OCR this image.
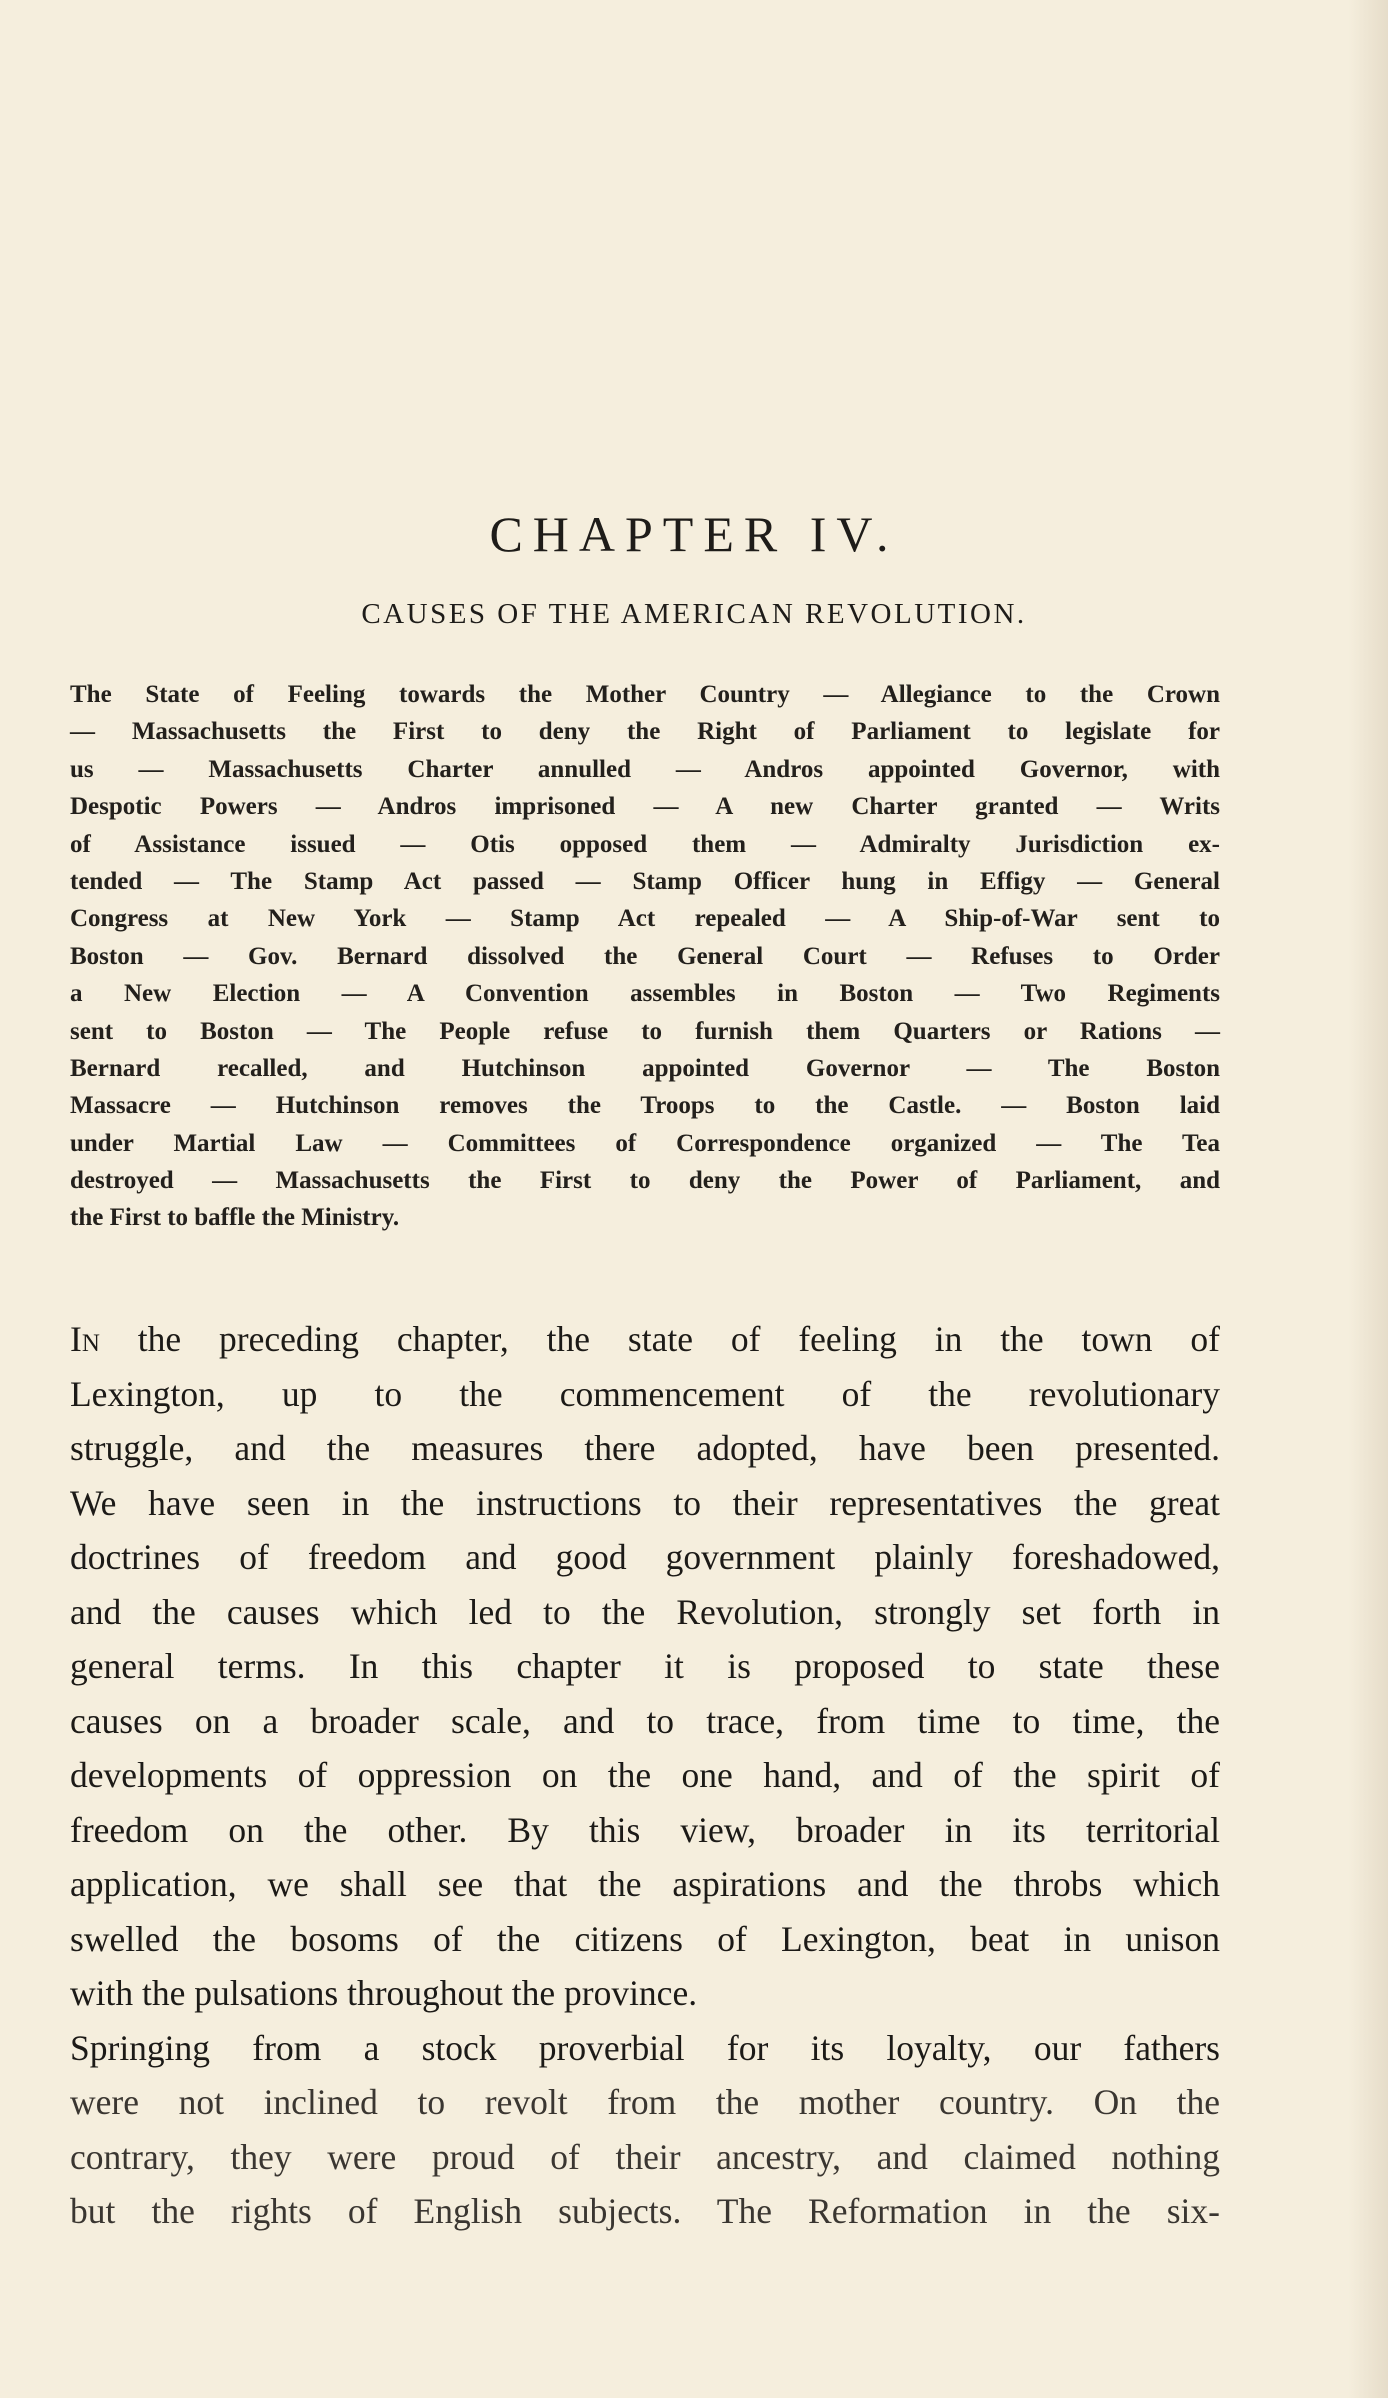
CHAPTER IV.
CAUSES OF THE AMERICAN REVOLUTION.
The State of Feeling towards the Mother Country — Allegiance to the Crown
— Massachusetts the First to deny the Right of Parliament to legislate for
us — Massachusetts Charter annulled — Andros appointed Governor, with
Despotic Powers — Andros imprisoned — A new Charter granted — Writs
of Assistance issued — Otis opposed them — Admiralty Jurisdiction ex-
tended — The Stamp Act passed — Stamp Officer hung in Effigy — General
Congress at New York — Stamp Act repealed — A Ship-of-War sent to
Boston — Gov. Bernard dissolved the General Court — Refuses to Order
a New Election — A Convention assembles in Boston — Two Regiments
sent to Boston — The People refuse to furnish them Quarters or Rations —
Bernard recalled, and Hutchinson appointed Governor — The Boston
Massacre — Hutchinson removes the Troops to the Castle. — Boston laid
under Martial Law — Committees of Correspondence organized — The Tea
destroyed — Massachusetts the First to deny the Power of Parliament, and
the First to baffle the Ministry.
In the preceding chapter, the state of feeling in the town of
Lexington, up to the commencement of the revolutionary
struggle, and the measures there adopted, have been presented.
We have seen in the instructions to their representatives the great
doctrines of freedom and good government plainly foreshadowed,
and the causes which led to the Revolution, strongly set forth in
general terms. In this chapter it is proposed to state these
causes on a broader scale, and to trace, from time to time, the
developments of oppression on the one hand, and of the spirit of
freedom on the other. By this view, broader in its territorial
application, we shall see that the aspirations and the throbs which
swelled the bosoms of the citizens of Lexington, beat in unison
with the pulsations throughout the province.
Springing from a stock proverbial for its loyalty, our fathers
were not inclined to revolt from the mother country. On the
contrary, they were proud of their ancestry, and claimed nothing
but the rights of English subjects. The Reformation in the six-
